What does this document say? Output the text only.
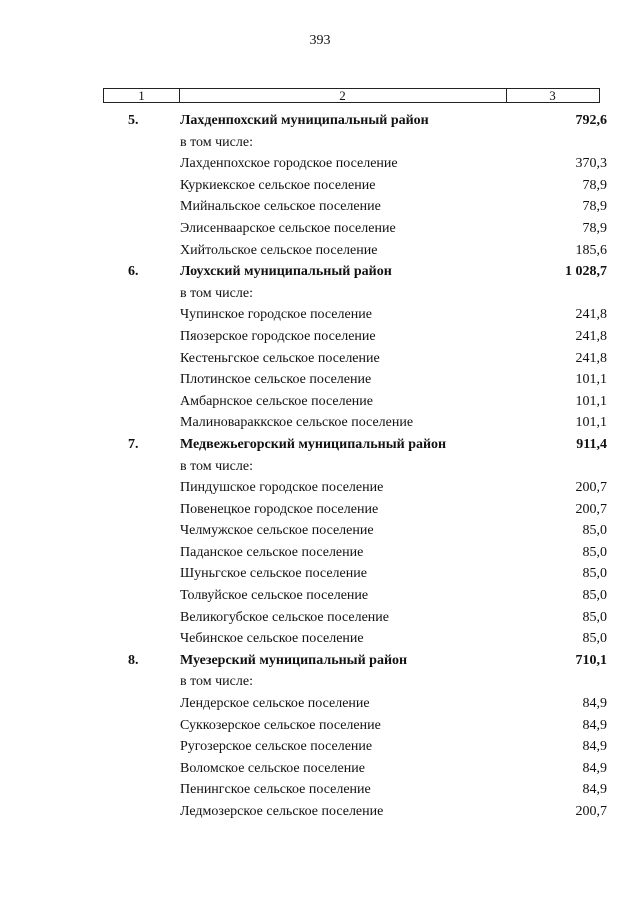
393
1	2	3
5.	Лахденпохский муниципальный район	792,6
в том числе:
Лахденпохское городское поселение	370,3
Куркиекское сельское поселение	78,9
Мийнальское сельское поселение	78,9
Элисенваарское сельское поселение	78,9
Хийтольское сельское поселение	185,6
6.	Лоухский муниципальный район	1 028,7
в том числе:
Чупинское городское поселение	241,8
Пяозерское городское поселение	241,8
Кестеньгское сельское поселение	241,8
Плотинское сельское поселение	101,1
Амбарнское сельское поселение	101,1
Малиновараккское сельское поселение	101,1
7.	Медвежьегорский муниципальный район	911,4
в том числе:
Пиндушское городское поселение	200,7
Повенецкое городское поселение	200,7
Челмужское сельское поселение	85,0
Паданское сельское поселение	85,0
Шуньгское сельское поселение	85,0
Толвуйское сельское поселение	85,0
Великогубское сельское поселение	85,0
Чебинское сельское поселение	85,0
8.	Муезерский муниципальный район	710,1
в том числе:
Лендерское сельское поселение	84,9
Суккозерское сельское поселение	84,9
Ругозерское сельское поселение	84,9
Воломское сельское поселение	84,9
Пенингское сельское поселение	84,9
Ледмозерское сельское поселение	200,7
